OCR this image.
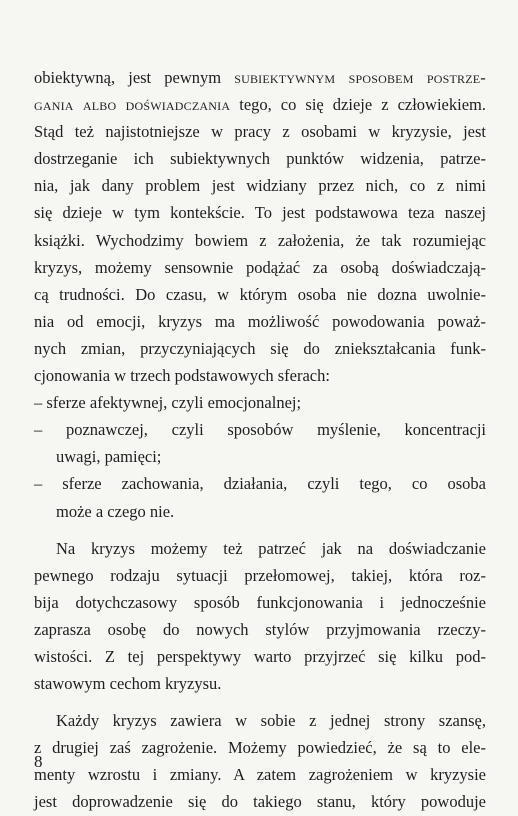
obiektywną, jest pewnym subiektywnym sposobem postrze-
gania albo doświadczania tego, co się dzieje z człowiekiem.
Stąd też najistotniejsze w pracy z osobami w kryzysie, jest
dostrzeganie ich subiektywnych punktów widzenia, patrze-
nia, jak dany problem jest widziany przez nich, co z nimi
się dzieje w tym kontekście. To jest podstawowa teza naszej
książki. Wychodzimy bowiem z założenia, że tak rozumiejąc
kryzys, możemy sensownie podążać za osobą doświadczają-
cą trudności. Do czasu, w którym osoba nie dozna uwolnie-
nia od emocji, kryzys ma możliwość powodowania poważ-
nych zmian, przyczyniających się do zniekształcania funk-
cjonowania w trzech podstawowych sferach:
– sferze afektywnej, czyli emocjonalnej;
– poznawczej, czyli sposobów myślenie, koncentracji
uwagi, pamięci;
– sferze zachowania, działania, czyli tego, co osoba
może a czego nie.
Na kryzys możemy też patrzeć jak na doświadczanie
pewnego rodzaju sytuacji przełomowej, takiej, która roz-
bija dotychczasowy sposób funkcjonowania i jednocześnie
zaprasza osobę do nowych stylów przyjmowania rzeczy-
wistości. Z tej perspektywy warto przyjrzeć się kilku pod-
stawowym cechom kryzysu.
Każdy kryzys zawiera w sobie z jednej strony szansę,
z drugiej zaś zagrożenie. Możemy powiedzieć, że są to ele-
menty wzrostu i zmiany. A zatem zagrożeniem w kryzysie
jest doprowadzenie się do takiego stanu, który powoduje
8
